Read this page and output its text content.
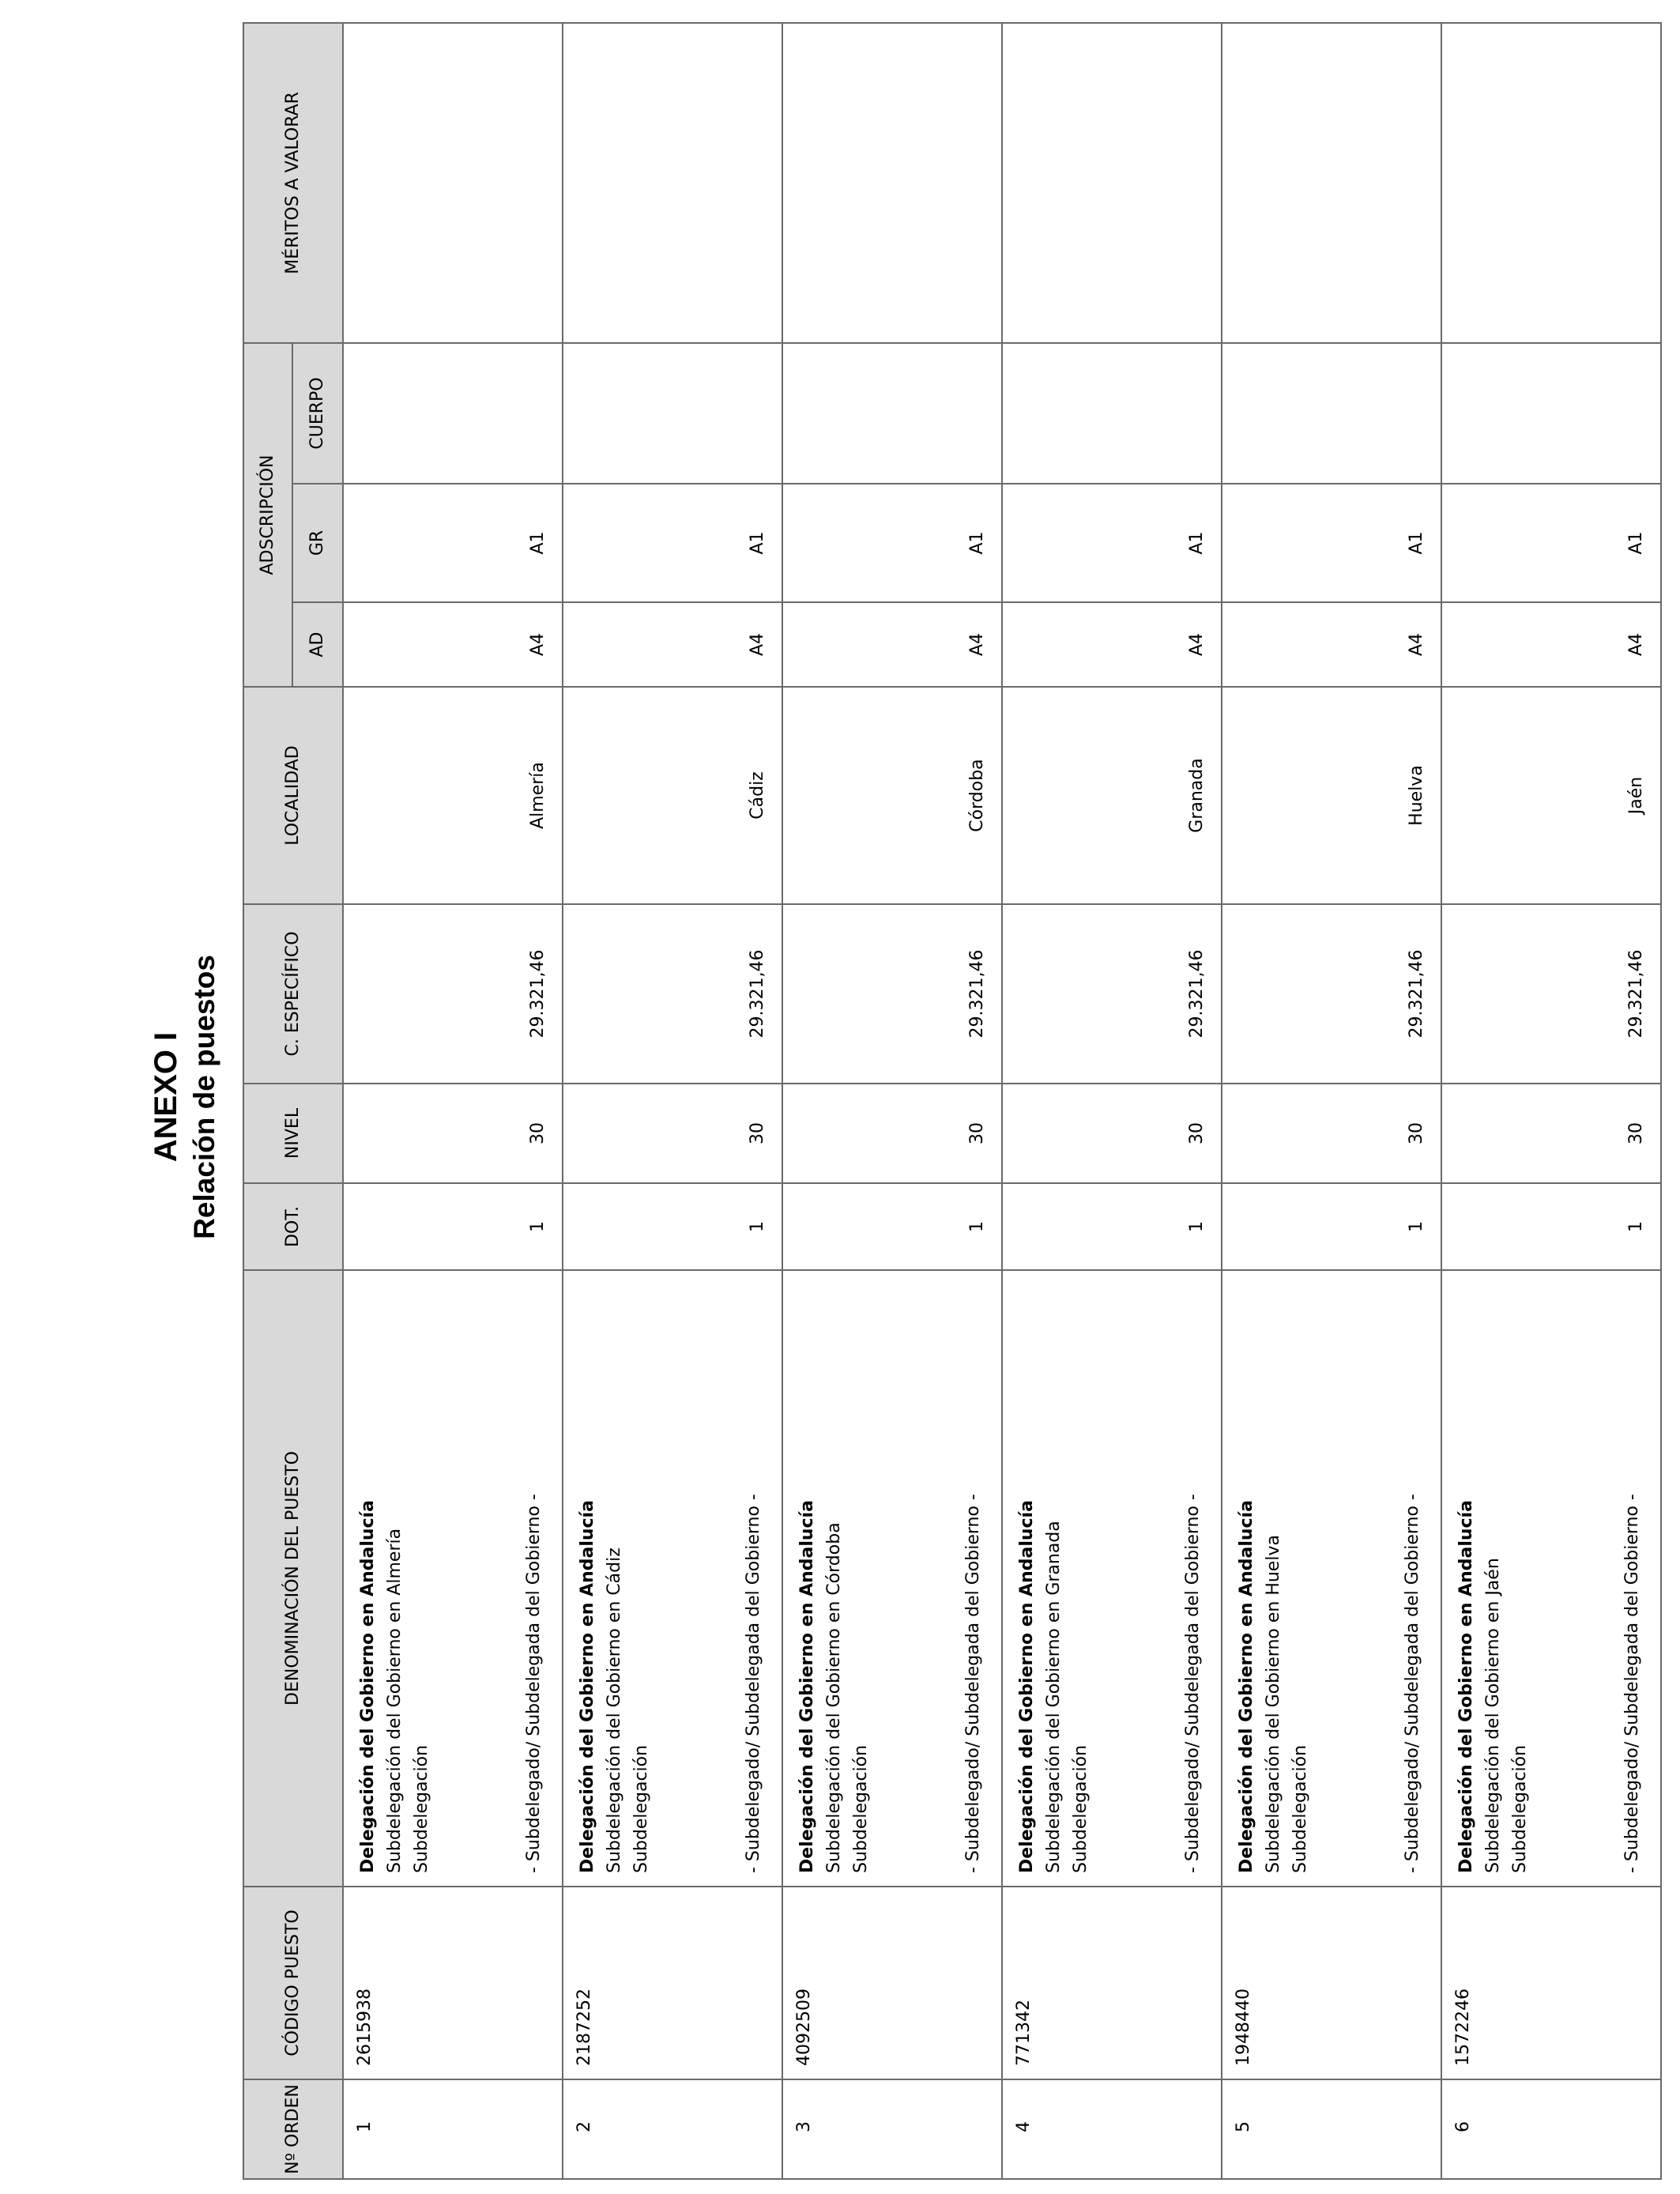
ANEXO I Relación de puestos
Nº ORDEN	CÓDIGO PUESTO	DENOMINACIÓN DEL PUESTO	DOT.	NIVEL	C. ESPECÍFICO	LOCALIDAD	ADSCRIPCIÓN			MÉRITOS A VALORAR
							AD	GR	CUERPO	

1	2615938	Delegación del Gobierno en Andalucía Subdelegación del Gobierno en Almería Subdelegación - Subdelegado/ Subdelegada del Gobierno -	1	30	29.321,46	Almería	A4	A1		

2	2187252	Delegación del Gobierno en Andalucía Subdelegación del Gobierno en Cádiz Subdelegación - Subdelegado/ Subdelegada del Gobierno -	1	30	29.321,46	Cádiz	A4	A1		

3	4092509	Delegación del Gobierno en Andalucía Subdelegación del Gobierno en Córdoba Subdelegación - Subdelegado/ Subdelegada del Gobierno -	1	30	29.321,46	Córdoba	A4	A1		

4	771342	Delegación del Gobierno en Andalucía Subdelegación del Gobierno en Granada Subdelegación - Subdelegado/ Subdelegada del Gobierno -	1	30	29.321,46	Granada	A4	A1		

5	1948440	Delegación del Gobierno en Andalucía Subdelegación del Gobierno en Huelva Subdelegación - Subdelegado/ Subdelegada del Gobierno -	1	30	29.321,46	Huelva	A4	A1		

6	1572246	Delegación del Gobierno en Andalucía Subdelegación del Gobierno en Jaén Subdelegación - Subdelegado/ Subdelegada del Gobierno -	1	30	29.321,46	Jaén	A4	A1		
